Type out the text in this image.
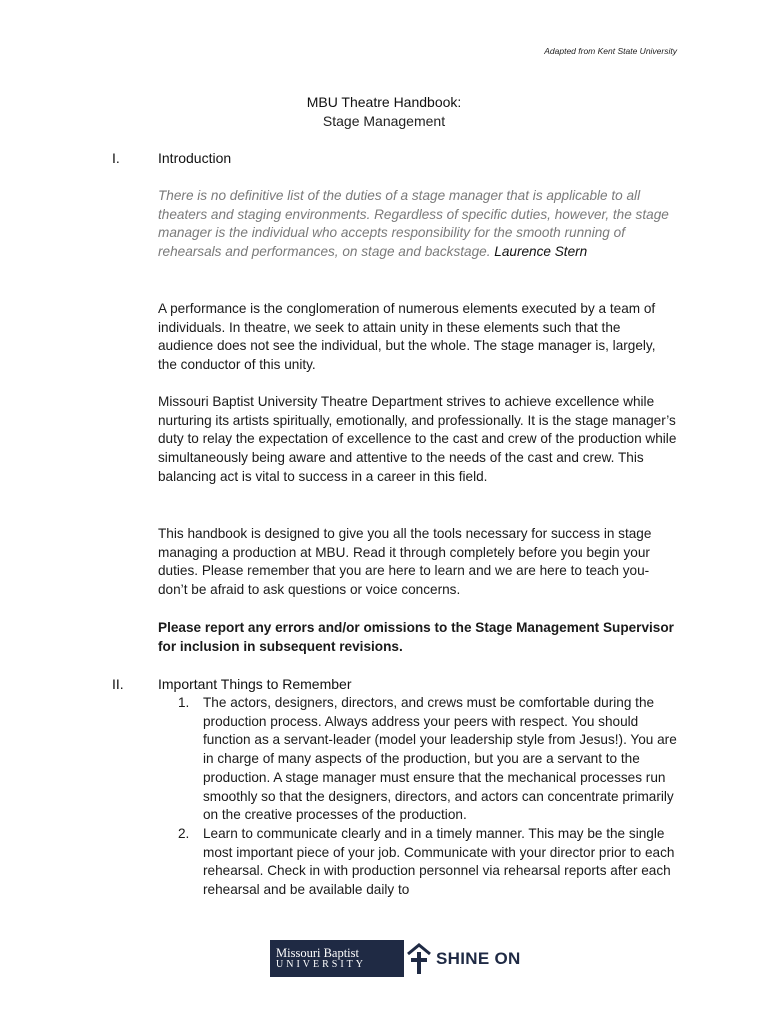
Adapted from Kent State University
MBU Theatre Handbook:
Stage Management
I.	Introduction
There is no definitive list of the duties of a stage manager that is applicable to all theaters and staging environments. Regardless of specific duties, however, the stage manager is the individual who accepts responsibility for the smooth running of rehearsals and performances, on stage and backstage. Laurence Stern
A performance is the conglomeration of numerous elements executed by a team of individuals. In theatre, we seek to attain unity in these elements such that the audience does not see the individual, but the whole. The stage manager is, largely, the conductor of this unity.
Missouri Baptist University Theatre Department strives to achieve excellence while nurturing its artists spiritually, emotionally, and professionally. It is the stage manager’s duty to relay the expectation of excellence to the cast and crew of the production while simultaneously being aware and attentive to the needs of the cast and crew. This balancing act is vital to success in a career in this field.
This handbook is designed to give you all the tools necessary for success in stage managing a production at MBU. Read it through completely before you begin your duties. Please remember that you are here to learn and we are here to teach you- don’t be afraid to ask questions or voice concerns.
Please report any errors and/or omissions to the Stage Management Supervisor for inclusion in subsequent revisions.
II. Important Things to Remember
1. The actors, designers, directors, and crews must be comfortable during the production process. Always address your peers with respect. You should function as a servant-leader (model your leadership style from Jesus!). You are in charge of many aspects of the production, but you are a servant to the production. A stage manager must ensure that the mechanical processes run smoothly so that the designers, directors, and actors can concentrate primarily on the creative processes of the production.
2. Learn to communicate clearly and in a timely manner. This may be the single most important piece of your job. Communicate with your director prior to each rehearsal. Check in with production personnel via rehearsal reports after each rehearsal and be available daily to
Missouri Baptist
UNIVERSITY	SHINE ON
